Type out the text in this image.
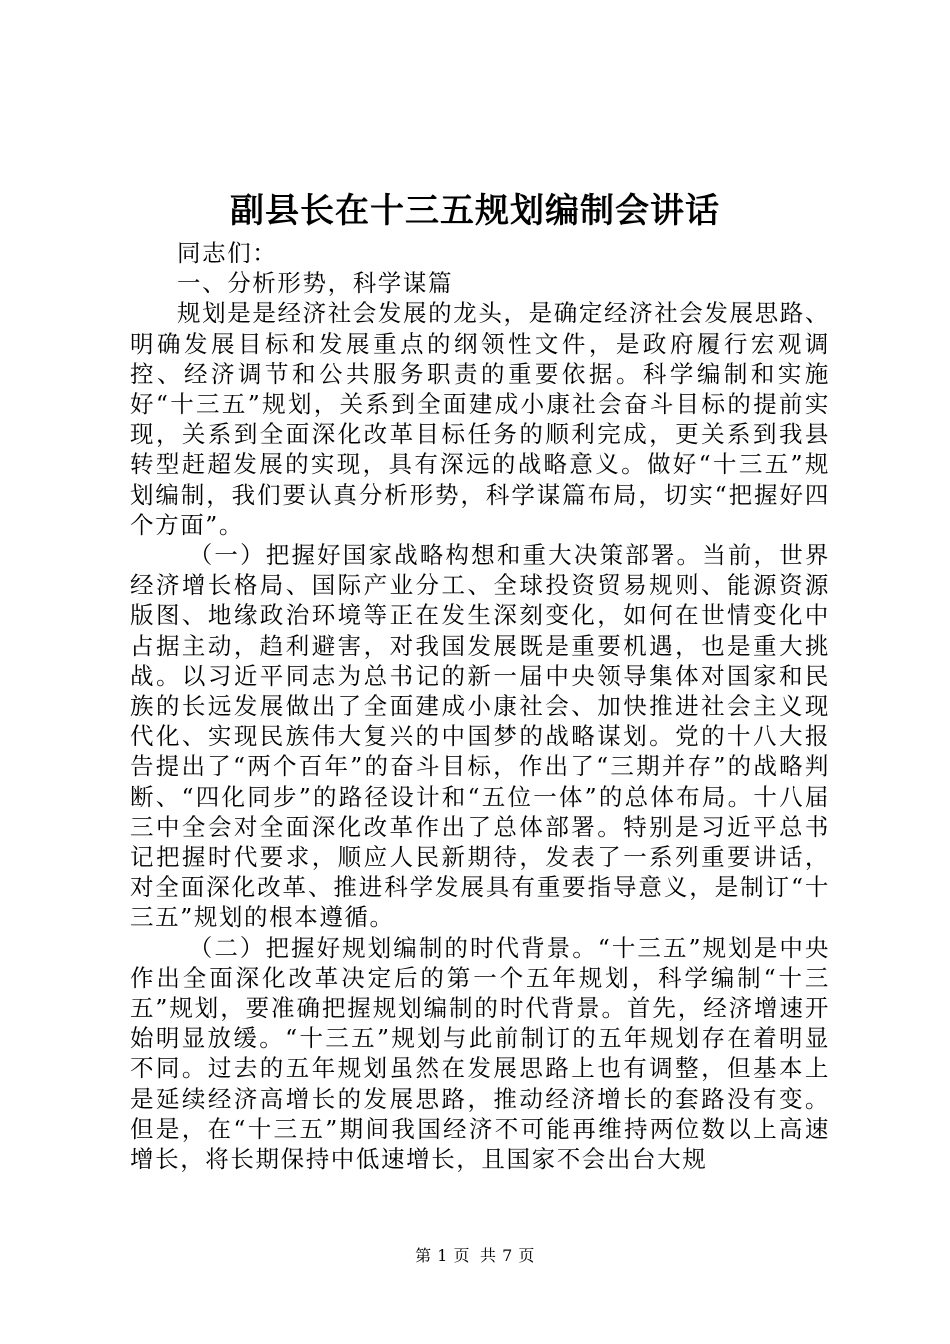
副县长在十三五规划编制会讲话

同志们：

一、分析形势，科学谋篇

规划是是经济社会发展的龙头，是确定经济社会发展思路、明确发展目标和发展重点的纲领性文件，是政府履行宏观调控、经济调节和公共服务职责的重要依据。科学编制和实施好“十三五”规划，关系到全面建成小康社会奋斗目标的提前实现，关系到全面深化改革目标任务的顺利完成，更关系到我县转型赶超发展的实现，具有深远的战略意义。做好“十三五”规划编制，我们要认真分析形势，科学谋篇布局，切实“把握好四个方面”。

（一）把握好国家战略构想和重大决策部署。当前，世界经济增长格局、国际产业分工、全球投资贸易规则、能源资源版图、地缘政治环境等正在发生深刻变化，如何在世情变化中占据主动，趋利避害，对我国发展既是重要机遇，也是重大挑战。以习近平同志为总书记的新一届中央领导集体对国家和民族的长远发展做出了全面建成小康社会、加快推进社会主义现代化、实现民族伟大复兴的中国梦的战略谋划。党的十八大报告提出了“两个百年”的奋斗目标，作出了“三期并存”的战略判断、“四化同步”的路径设计和“五位一体”的总体布局。十八届三中全会对全面深化改革作出了总体部署。特别是习近平总书记把握时代要求，顺应人民新期待，发表了一系列重要讲话，对全面深化改革、推进科学发展具有重要指导意义，是制订“十三五”规划的根本遵循。

（二）把握好规划编制的时代背景。“十三五”规划是中央作出全面深化改革决定后的第一个五年规划，科学编制“十三五”规划，要准确把握规划编制的时代背景。首先，经济增速开始明显放缓。“十三五”规划与此前制订的五年规划存在着明显不同。过去的五年规划虽然在发展思路上也有调整，但基本上是延续经济高增长的发展思路，推动经济增长的套路没有变。但是，在“十三五”期间我国经济不可能再维持两位数以上高速增长，将长期保持中低速增长，且国家不会出台大规

第 1 页 共 7 页
